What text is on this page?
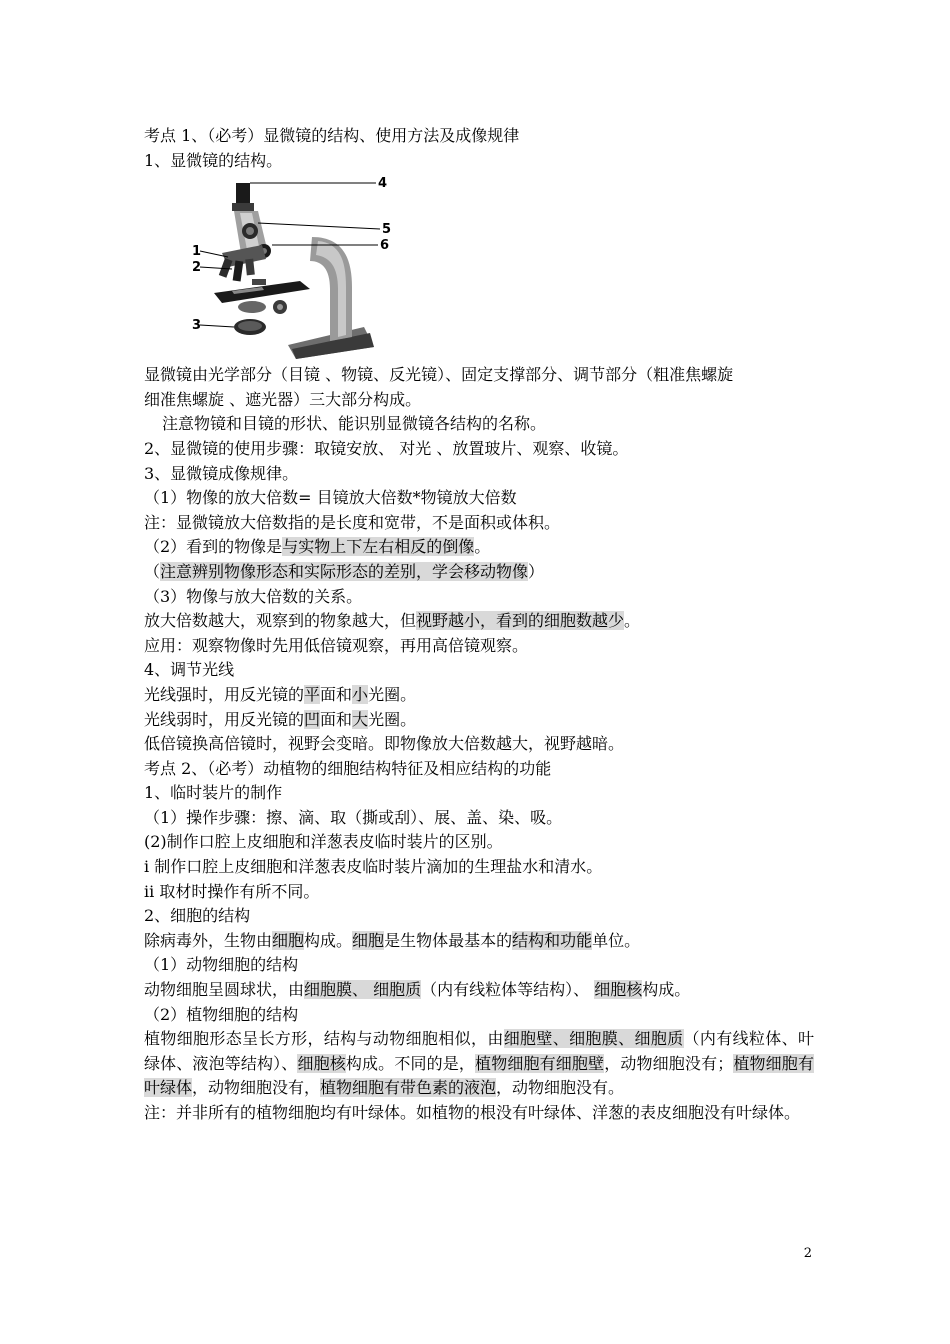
考点 1、（必考）显微镜的结构、使用方法及成像规律
1、显微镜的结构。
4
5
6
1
2
3
显微镜由光学部分（目镜 、物镜、反光镜）、固定支撑部分、调节部分（粗准焦螺旋
细准焦螺旋 、遮光器）三大部分构成。
注意物镜和目镜的形状、能识别显微镜各结构的名称。
2、显微镜的使用步骤：取镜安放、 对光 、放置玻片、观察、收镜。
3、显微镜成像规律。
（1）物像的放大倍数= 目镜放大倍数*物镜放大倍数
注：显微镜放大倍数指的是长度和宽带，不是面积或体积。
（2）看到的物像是与实物上下左右相反的倒像。
（注意辨别物像形态和实际形态的差别，学会移动物像）
（3）物像与放大倍数的关系。
放大倍数越大，观察到的物象越大，但视野越小，看到的细胞数越少。
应用：观察物像时先用低倍镜观察，再用高倍镜观察。
4、调节光线
光线强时，用反光镜的平面和小光圈。
光线弱时，用反光镜的凹面和大光圈。
低倍镜换高倍镜时，视野会变暗。即物像放大倍数越大，视野越暗。
考点 2、（必考）动植物的细胞结构特征及相应结构的功能
1、临时装片的制作
（1）操作步骤：擦、滴、取（撕或刮）、展、盖、染、吸。
(2)制作口腔上皮细胞和洋葱表皮临时装片的区别。
ⅰ 制作口腔上皮细胞和洋葱表皮临时装片滴加的生理盐水和清水。
ⅱ 取材时操作有所不同。
2、细胞的结构
除病毒外，生物由细胞构成。细胞是生物体最基本的结构和功能单位。
（1）动物细胞的结构
动物细胞呈圆球状，由细胞膜、 细胞质（内有线粒体等结构）、 细胞核构成。
（2）植物细胞的结构
植物细胞形态呈长方形，结构与动物细胞相似，由细胞壁、细胞膜、细胞质（内有线粒体、叶绿体、液泡等结构）、细胞核构成。不同的是，植物细胞有细胞壁，动物细胞没有；植物细胞有叶绿体，动物细胞没有，植物细胞有带色素的液泡，动物细胞没有。
注：并非所有的植物细胞均有叶绿体。如植物的根没有叶绿体、洋葱的表皮细胞没有叶绿体。
2
